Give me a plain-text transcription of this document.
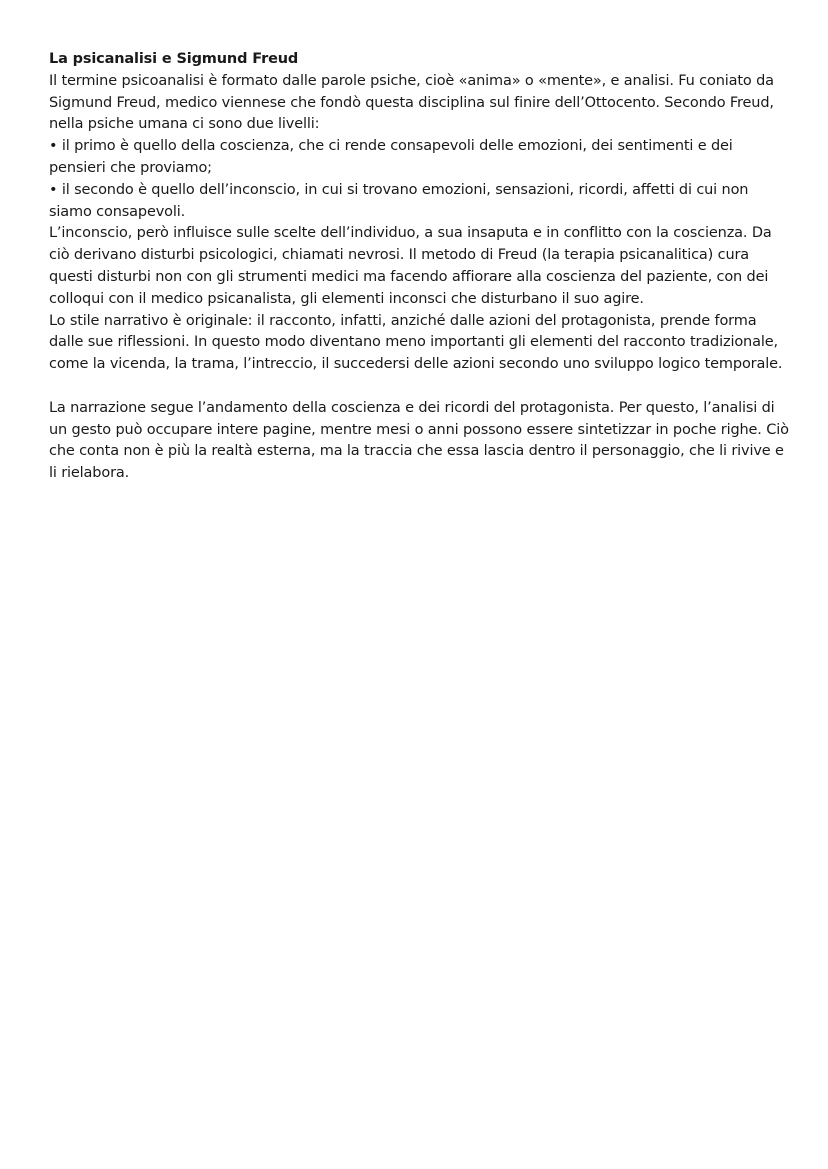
La psicanalisi e Sigmund Freud

Il termine psicoanalisi è formato dalle parole psiche, cioè «anima» o «mente», e analisi. Fu coniato da Sigmund Freud, medico viennese che fondò questa disciplina sul finire dell’Ottocento. Secondo Freud, nella psiche umana ci sono due livelli:

• il primo è quello della coscienza, che ci rende consapevoli delle emozioni, dei sentimenti e dei pensieri che proviamo;

• il secondo è quello dell’inconscio, in cui si trovano emozioni, sensazioni, ricordi, affetti di cui non siamo consapevoli.

L’inconscio, però influisce sulle scelte dell’individuo, a sua insaputa e in conflitto con la coscienza. Da ciò derivano disturbi psicologici, chiamati nevrosi. Il metodo di Freud (la terapia psicanalitica) cura questi disturbi non con gli strumenti medici ma facendo affiorare alla coscienza del paziente, con dei colloqui con il medico psicanalista, gli elementi inconsci che disturbano il suo agire.

Lo stile narrativo è originale: il racconto, infatti, anziché dalle azioni del protagonista, prende forma dalle sue riflessioni. In questo modo diventano meno importanti gli elementi del racconto tradizionale, come la vicenda, la trama, l’intreccio, il succedersi delle azioni secondo uno sviluppo logico temporale.

La narrazione segue l’andamento della coscienza e dei ricordi del protagonista. Per questo, l’analisi di un gesto può occupare intere pagine, mentre mesi o anni possono essere sintetizzar in poche righe. Ciò che conta non è più la realtà esterna, ma la traccia che essa lascia dentro il personaggio, che li rivive e li rielabora.
